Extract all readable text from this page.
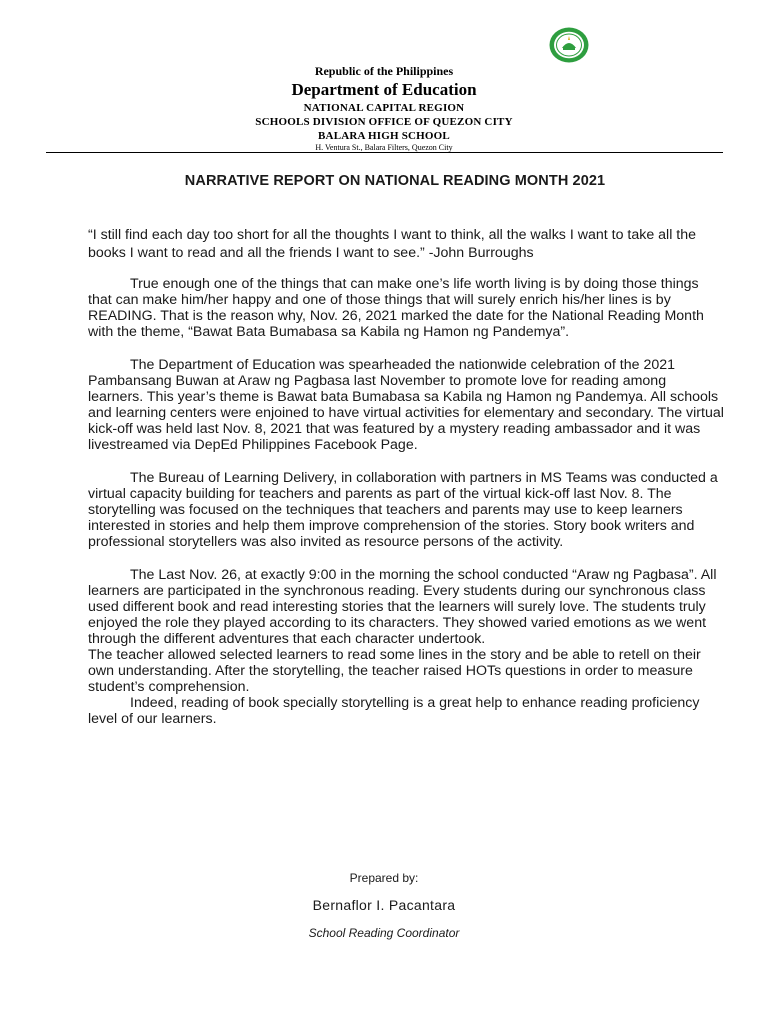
Republic of the Philippines
Department of Education
NATIONAL CAPITAL REGION
SCHOOLS DIVISION OFFICE OF QUEZON CITY
BALARA HIGH SCHOOL
H. Ventura St., Balara Filters, Quezon City
NARRATIVE REPORT ON NATIONAL READING MONTH 2021

“I still find each day too short for all the thoughts I want to think, all the walks I want to take all the books I want to read and all the friends I want to see.” -John Burroughs

True enough one of the things that can make one’s life worth living is by doing those things that can make him/her happy and one of those things that will surely enrich his/her lines is by READING. That is the reason why, Nov. 26, 2021 marked the date for the National Reading Month with the theme, “Bawat Bata Bumabasa sa Kabila ng Hamon ng Pandemya”.

The Department of Education was spearheaded the nationwide celebration of the 2021 Pambansang Buwan at Araw ng Pagbasa last November to promote love for reading among learners. This year’s theme is Bawat bata Bumabasa sa Kabila ng Hamon ng Pandemya. All schools and learning centers were enjoined to have virtual activities for elementary and secondary. The virtual kick-off was held last Nov. 8, 2021 that was featured by a mystery reading ambassador and it was livestreamed via DepEd Philippines Facebook Page.

The Bureau of Learning Delivery, in collaboration with partners in MS Teams was conducted a virtual capacity building for teachers and parents as part of the virtual kick-off last Nov. 8. The storytelling was focused on the techniques that teachers and parents may use to keep learners interested in stories and help them improve comprehension of the stories. Story book writers and professional storytellers was also invited as resource persons of the activity.

The Last Nov. 26, at exactly 9:00 in the morning the school conducted “Araw ng Pagbasa”. All learners are participated in the synchronous reading. Every students during our synchronous class used different book and read interesting stories that the learners will surely love. The students truly enjoyed the role they played according to its characters. They showed varied emotions as we went through the different adventures that each character undertook.

The teacher allowed selected learners to read some lines in the story and be able to retell on their own understanding. After the storytelling, the teacher raised HOTs questions in order to measure student’s comprehension.

Indeed, reading of book specially storytelling is a great help to enhance reading proficiency level of our learners.

Prepared by:
Bernaflor I. Pacantara
School Reading Coordinator
